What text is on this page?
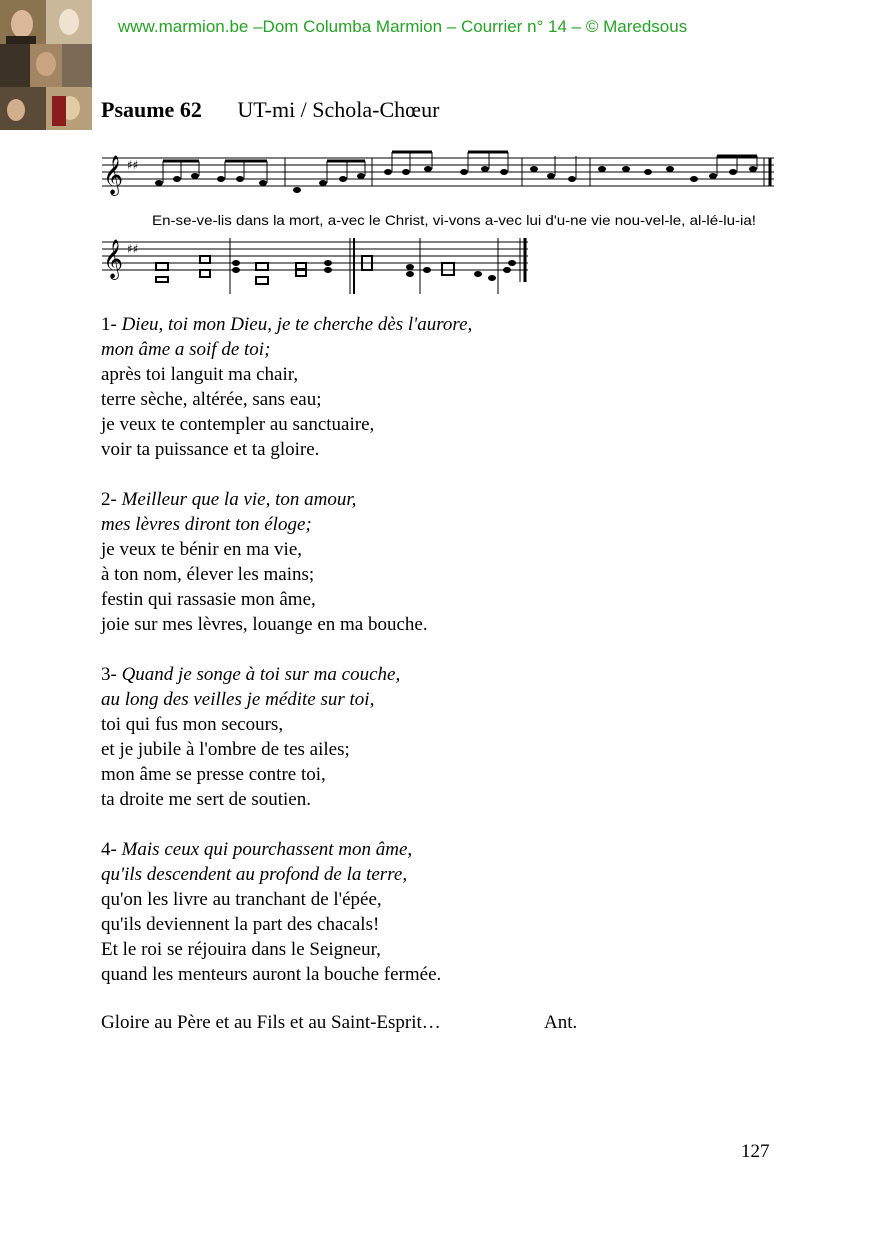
www.marmion.be –Dom Columba Marmion – Courrier n° 14 – © Maredsous
Psaume 62 UT-mi / Schola-Chœur
𝄞 ♯♯
En-se-ve-lis dans la mort, a-vec le Christ, vi-vons a-vec lui d'u-ne vie nou-vel-le, al-lé-lu-ia!
𝄞 ♯♯
1- Dieu, toi mon Dieu, je te cherche dès l'aurore,
mon âme a soif de toi;
après toi languit ma chair,
terre sèche, altérée, sans eau;
je veux te contempler au sanctuaire,
voir ta puissance et ta gloire.
2- Meilleur que la vie, ton amour,
mes lèvres diront ton éloge;
je veux te bénir en ma vie,
à ton nom, élever les mains;
festin qui rassasie mon âme,
joie sur mes lèvres, louange en ma bouche.
3- Quand je songe à toi sur ma couche,
au long des veilles je médite sur toi,
toi qui fus mon secours,
et je jubile à l'ombre de tes ailes;
mon âme se presse contre toi,
ta droite me sert de soutien.
4- Mais ceux qui pourchassent mon âme,
qu'ils descendent au profond de la terre,
qu'on les livre au tranchant de l'épée,
qu'ils deviennent la part des chacals!
Et le roi se réjouira dans le Seigneur,
quand les menteurs auront la bouche fermée.
Gloire au Père et au Fils et au Saint-Esprit…	Ant.
127
